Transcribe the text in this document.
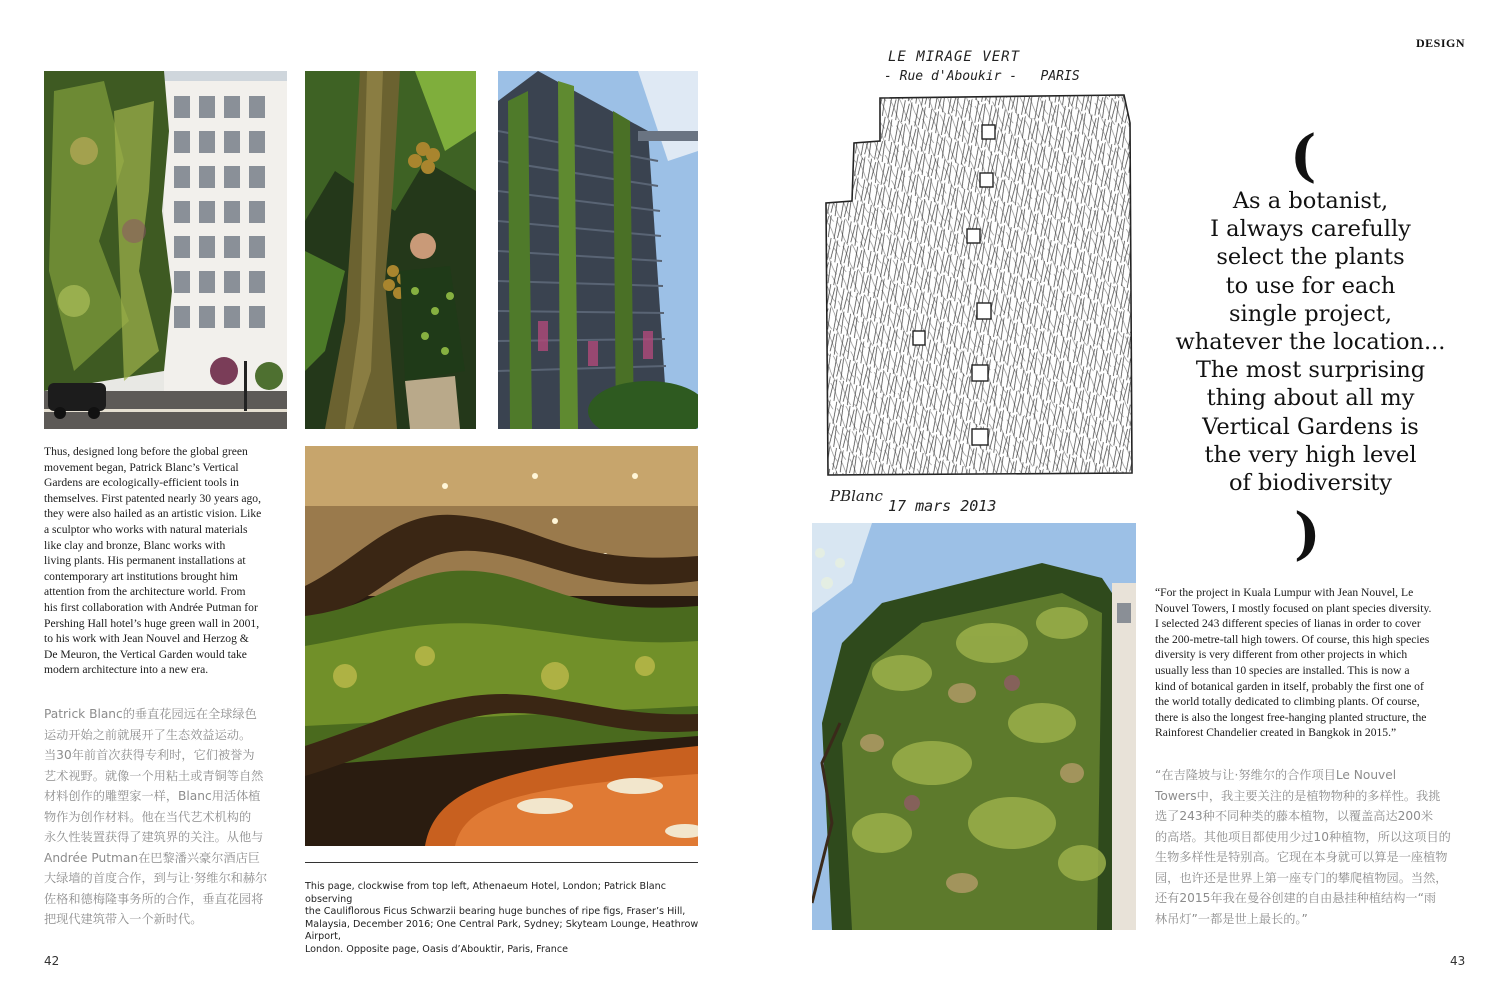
Thus, designed long before the global green
movement began, Patrick Blanc’s Vertical
Gardens are ecologically-efficient tools in
themselves. First patented nearly 30 years ago,
they were also hailed as an artistic vision. Like
a sculptor who works with natural materials
like clay and bronze, Blanc works with
living plants. His permanent installations at
contemporary art institutions brought him
attention from the architecture world. From
his first collaboration with Andrée Putman for
Pershing Hall hotel’s huge green wall in 2001,
to his work with Jean Nouvel and Herzog &
De Meuron, the Vertical Garden would take
modern architecture into a new era.
Patrick Blanc的垂直花园远在全球绿色
运动开始之前就展开了生态效益运动。
当30年前首次获得专利时，它们被誉为
艺术视野。就像一个用粘土或青铜等自然
材料创作的雕塑家一样，Blanc用活体植
物作为创作材料。他在当代艺术机构的
永久性装置获得了建筑界的关注。从他与
Andrée Putman在巴黎潘兴豪尔酒店巨
大绿墙的首度合作，到与让·努维尔和赫尔
佐格和德梅隆事务所的合作，垂直花园将
把现代建筑带入一个新时代。
This page, clockwise from top left, Athenaeum Hotel, London; Patrick Blanc observing
the Cauliflorous Ficus Schwarzii bearing huge bunches of ripe figs, Fraser’s Hill,
Malaysia, December 2016; One Central Park, Sydney; Skyteam Lounge, Heathrow Airport,
London. Opposite page, Oasis d’Abouktir, Paris, France
42
DESIGN
LE MIRAGE VERT
- Rue d'Aboukir -   PARIS
PBlanc
17 mars 2013
(
As a botanist,
I always carefully
select the plants
to use for each
single project,
whatever the location...
The most surprising
thing about all my
Vertical Gardens is
the very high level
of biodiversity
)
“For the project in Kuala Lumpur with Jean Nouvel, Le
Nouvel Towers, I mostly focused on plant species diversity.
I selected 243 different species of lianas in order to cover
the 200-metre-tall high towers. Of course, this high species
diversity is very different from other projects in which
usually less than 10 species are installed. This is now a
kind of botanical garden in itself, probably the first one of
the world totally dedicated to climbing plants. Of course,
there is also the longest free-hanging planted structure, the
Rainforest Chandelier created in Bangkok in 2015.”
“在吉隆坡与让·努维尔的合作项目Le Nouvel
Towers中，我主要关注的是植物物种的多样性。我挑
选了243种不同种类的藤本植物，以覆盖高达200米
的高塔。其他项目都使用少过10种植物，所以这项目的
生物多样性是特别高。它现在本身就可以算是一座植物
园，也许还是世界上第一座专门的攀爬植物园。当然，
还有2015年我在曼谷创建的自由悬挂种植结构一“雨
林吊灯”一都是世上最长的。”
43
